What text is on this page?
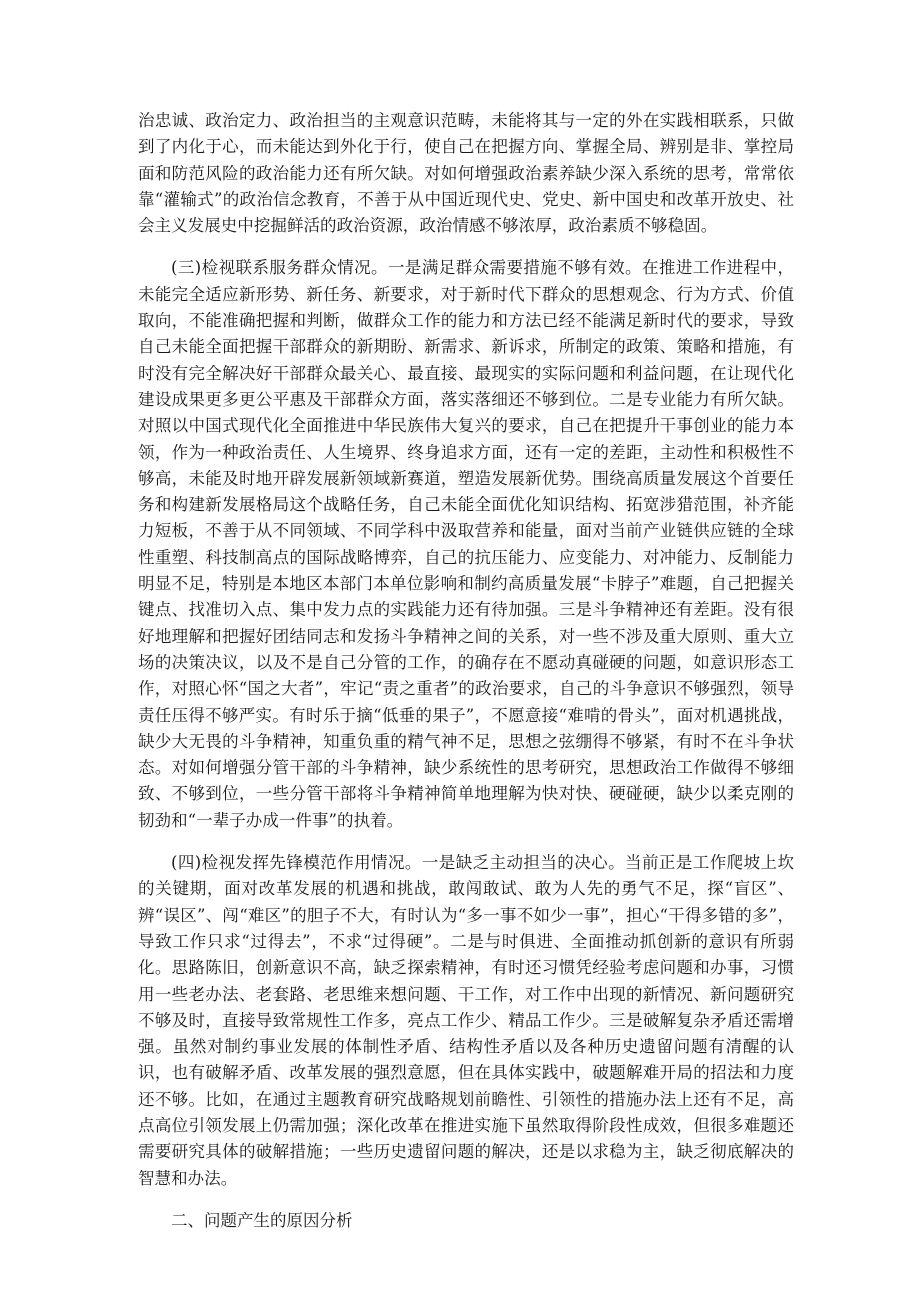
治忠诚、政治定力、政治担当的主观意识范畴，未能将其与一定的外在实践相联系，只做到了内化于心，而未能达到外化于行，使自己在把握方向、掌握全局、辨别是非、掌控局面和防范风险的政治能力还有所欠缺。对如何增强政治素养缺少深入系统的思考，常常依靠“灌输式”的政治信念教育，不善于从中国近现代史、党史、新中国史和改革开放史、社会主义发展史中挖掘鲜活的政治资源，政治情感不够浓厚，政治素质不够稳固。

(三)检视联系服务群众情况。一是满足群众需要措施不够有效。在推进工作进程中，未能完全适应新形势、新任务、新要求，对于新时代下群众的思想观念、行为方式、价值取向，不能准确把握和判断，做群众工作的能力和方法已经不能满足新时代的要求，导致自己未能全面把握干部群众的新期盼、新需求、新诉求，所制定的政策、策略和措施，有时没有完全解决好干部群众最关心、最直接、最现实的实际问题和利益问题，在让现代化建设成果更多更公平惠及干部群众方面，落实落细还不够到位。二是专业能力有所欠缺。对照以中国式现代化全面推进中华民族伟大复兴的要求，自己在把提升干事创业的能力本领，作为一种政治责任、人生境界、终身追求方面，还有一定的差距，主动性和积极性不够高，未能及时地开辟发展新领域新赛道，塑造发展新优势。围绕高质量发展这个首要任务和构建新发展格局这个战略任务，自己未能全面优化知识结构、拓宽涉猎范围，补齐能力短板，不善于从不同领域、不同学科中汲取营养和能量，面对当前产业链供应链的全球性重塑、科技制高点的国际战略博弈，自己的抗压能力、应变能力、对冲能力、反制能力明显不足，特别是本地区本部门本单位影响和制约高质量发展“卡脖子”难题，自己把握关键点、找准切入点、集中发力点的实践能力还有待加强。三是斗争精神还有差距。没有很好地理解和把握好团结同志和发扬斗争精神之间的关系，对一些不涉及重大原则、重大立场的决策决议，以及不是自己分管的工作，的确存在不愿动真碰硬的问题，如意识形态工作，对照心怀“国之大者”，牢记“责之重者”的政治要求，自己的斗争意识不够强烈，领导责任压得不够严实。有时乐于摘“低垂的果子”，不愿意接“难啃的骨头”，面对机遇挑战，缺少大无畏的斗争精神，知重负重的精气神不足，思想之弦绷得不够紧，有时不在斗争状态。对如何增强分管干部的斗争精神，缺少系统性的思考研究，思想政治工作做得不够细致、不够到位，一些分管干部将斗争精神简单地理解为快对快、硬碰硬，缺少以柔克刚的韧劲和“一辈子办成一件事”的执着。

(四)检视发挥先锋模范作用情况。一是缺乏主动担当的决心。当前正是工作爬坡上坎的关键期，面对改革发展的机遇和挑战，敢闯敢试、敢为人先的勇气不足，探“盲区”、辨“误区”、闯“难区”的胆子不大，有时认为“多一事不如少一事”，担心“干得多错的多”，导致工作只求“过得去”，不求“过得硬”。二是与时俱进、全面推动抓创新的意识有所弱化。思路陈旧，创新意识不高，缺乏探索精神，有时还习惯凭经验考虑问题和办事，习惯用一些老办法、老套路、老思维来想问题、干工作，对工作中出现的新情况、新问题研究不够及时，直接导致常规性工作多，亮点工作少、精品工作少。三是破解复杂矛盾还需增强。虽然对制约事业发展的体制性矛盾、结构性矛盾以及各种历史遗留问题有清醒的认识，也有破解矛盾、改革发展的强烈意愿，但在具体实践中，破题解难开局的招法和力度还不够。比如，在通过主题教育研究战略规划前瞻性、引领性的措施办法上还有不足，高点高位引领发展上仍需加强；深化改革在推进实施下虽然取得阶段性成效，但很多难题还需要研究具体的破解措施；一些历史遗留问题的解决，还是以求稳为主，缺乏彻底解决的智慧和办法。

二、问题产生的原因分析
